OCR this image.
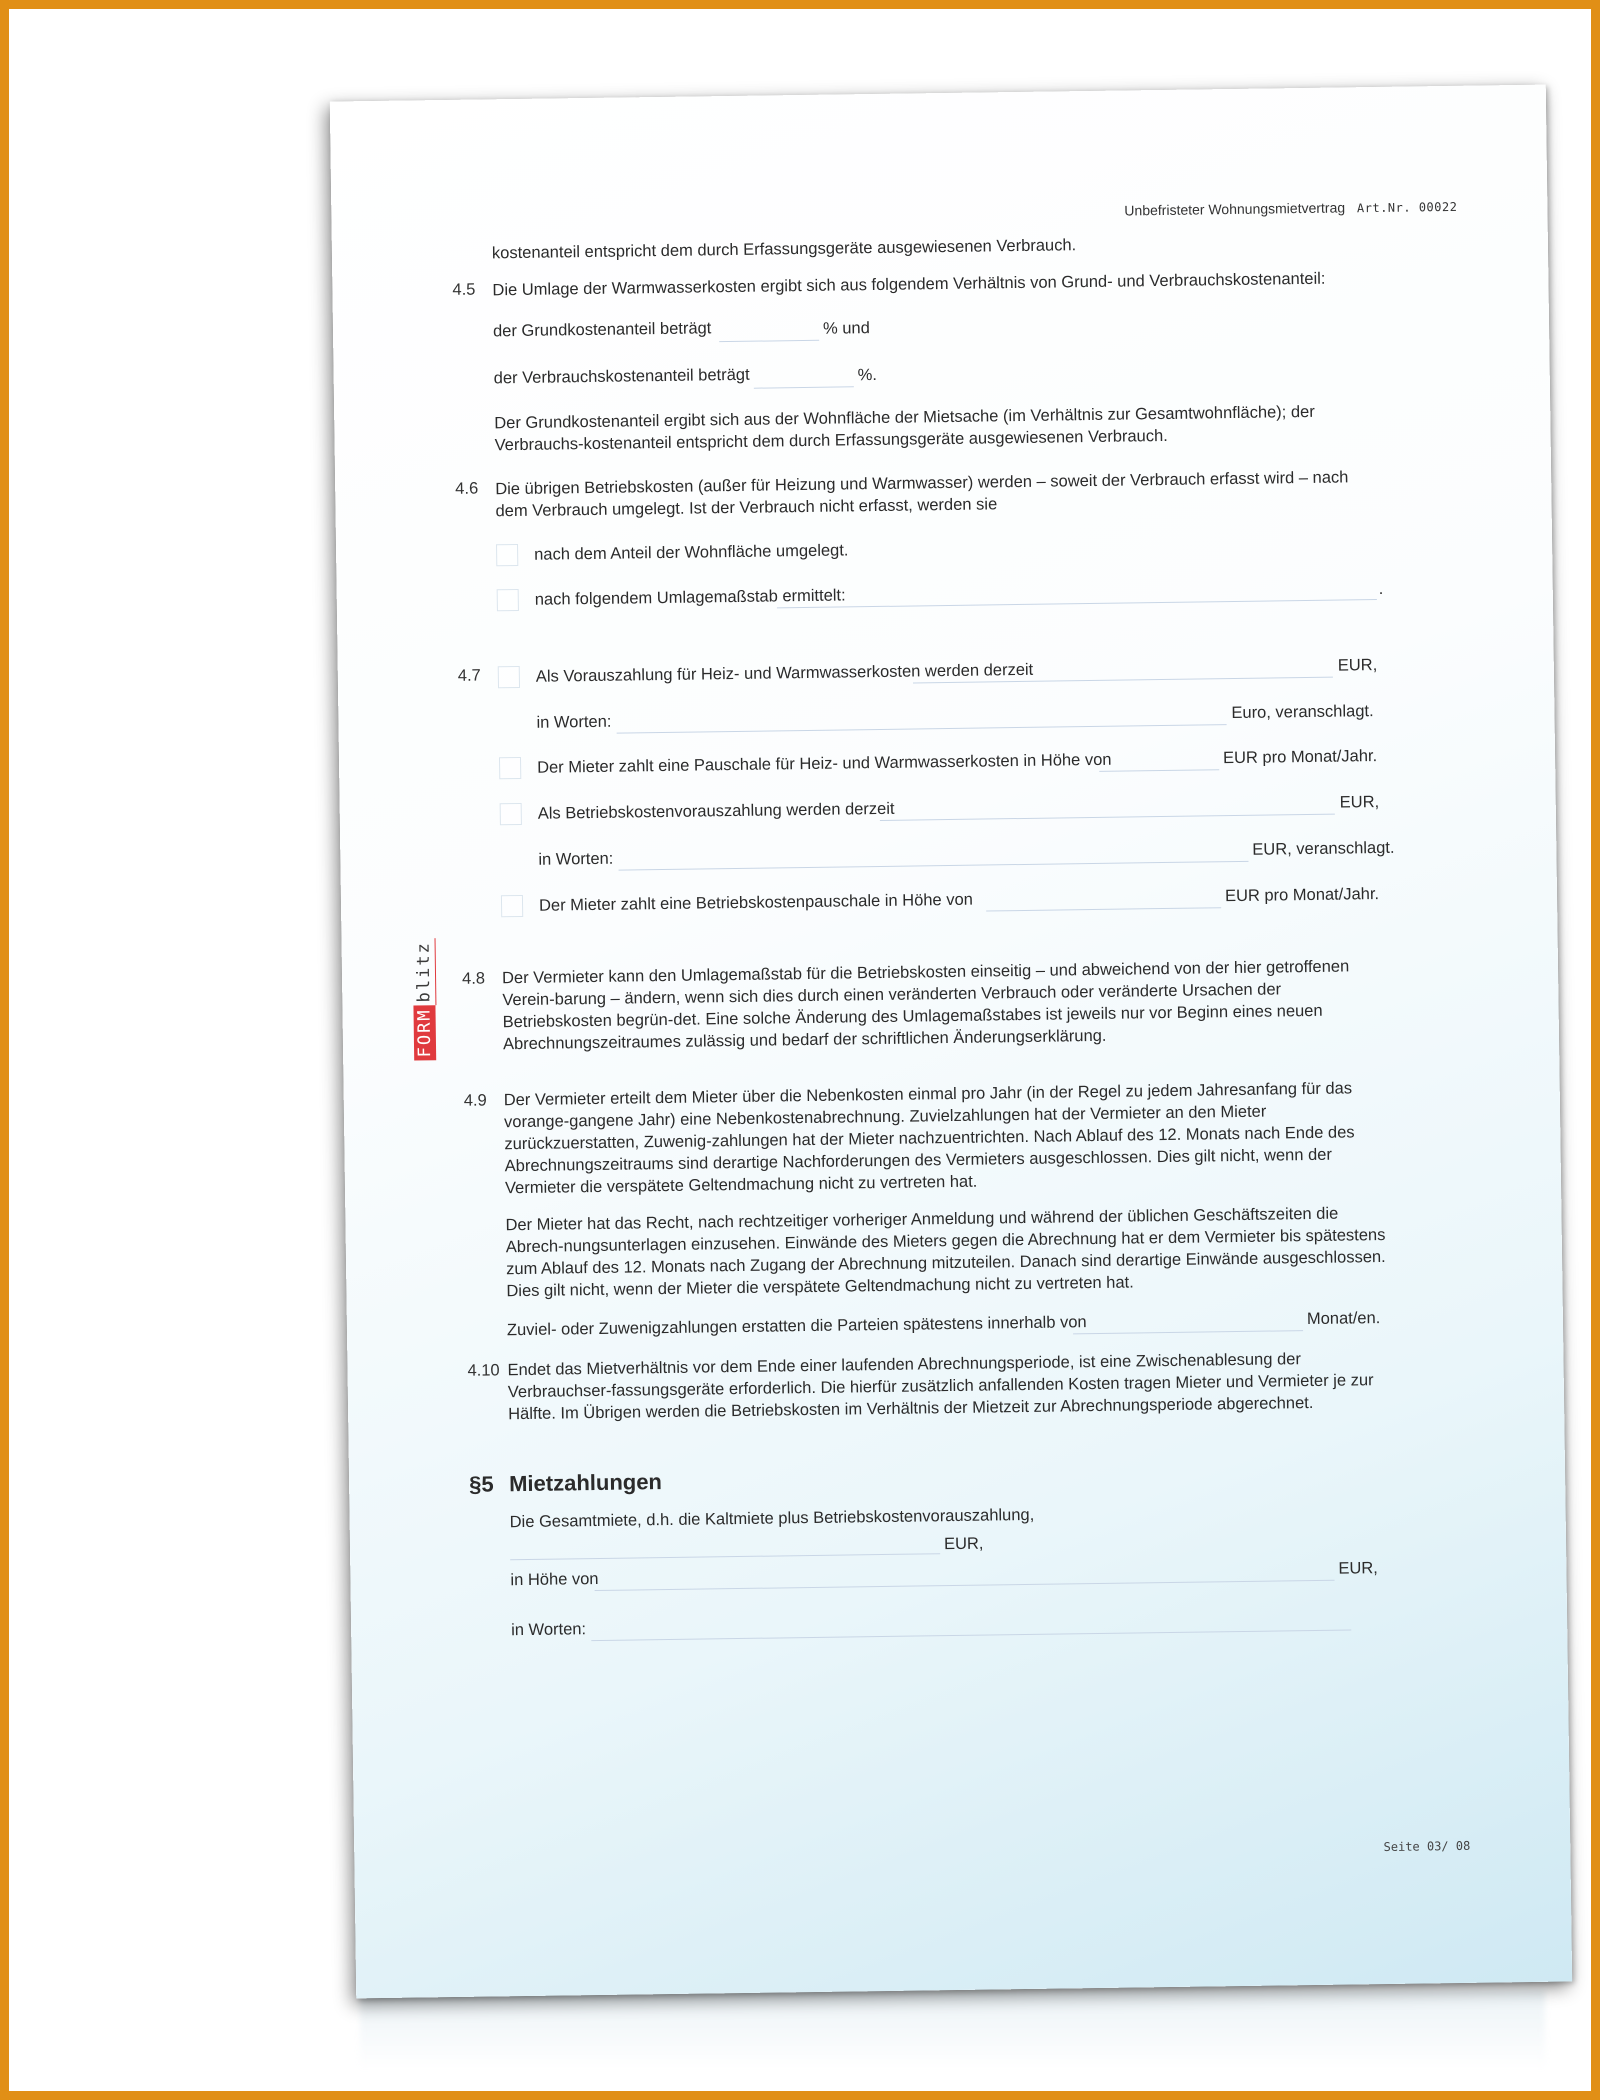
Unbefristeter Wohnungsmietvertrag Art.Nr. 00022
FORMblitz
kostenanteil entspricht dem durch Erfassungsgeräte ausgewiesenen Verbrauch.
4.5 Die Umlage der Warmwasserkosten ergibt sich aus folgendem Verhältnis von Grund- und Verbrauchskostenanteil:
der Grundkostenanteil beträgt	% und
der Verbrauchskostenanteil beträgt	%.
Der Grundkostenanteil ergibt sich aus der Wohnfläche der Mietsache (im Verhältnis zur Gesamtwohnfläche); der Verbrauchs-kostenanteil entspricht dem durch Erfassungsgeräte ausgewiesenen Verbrauch.
4.6 Die übrigen Betriebskosten (außer für Heizung und Warmwasser) werden – soweit der Verbrauch erfasst wird – nach dem Verbrauch umgelegt. Ist der Verbrauch nicht erfasst, werden sie
nach dem Anteil der Wohnfläche umgelegt.
nach folgendem Umlagemaßstab ermittelt:	.
4.7	Als Vorauszahlung für Heiz- und Warmwasserkosten werden derzeit	EUR,
in Worten:
Euro, veranschlagt.
Der Mieter zahlt eine Pauschale für Heiz- und Warmwasserkosten in Höhe von	EUR pro Monat/Jahr.
Als Betriebskostenvorauszahlung werden derzeit	EUR,
in Worten:
EUR, veranschlagt.
Der Mieter zahlt eine Betriebskostenpauschale in Höhe von	EUR pro Monat/Jahr.
4.8 Der Vermieter kann den Umlagemaßstab für die Betriebskosten einseitig – und abweichend von der hier getroffenen Verein-barung – ändern, wenn sich dies durch einen veränderten Verbrauch oder veränderte Ursachen der Betriebskosten begrün-det. Eine solche Änderung des Umlagemaßstabes ist jeweils nur vor Beginn eines neuen Abrechnungszeitraumes zulässig und bedarf der schriftlichen Änderungserklärung.
4.9 Der Vermieter erteilt dem Mieter über die Nebenkosten einmal pro Jahr (in der Regel zu jedem Jahresanfang für das vorange-gangene Jahr) eine Nebenkostenabrechnung. Zuvielzahlungen hat der Vermieter an den Mieter zurückzuerstatten, Zuwenig-zahlungen hat der Mieter nachzuentrichten. Nach Ablauf des 12. Monats nach Ende des Abrechnungszeitraums sind derartige Nachforderungen des Vermieters ausgeschlossen. Dies gilt nicht, wenn der Vermieter die verspätete Geltendmachung nicht zu vertreten hat.
Der Mieter hat das Recht, nach rechtzeitiger vorheriger Anmeldung und während der üblichen Geschäftszeiten die Abrech-nungsunterlagen einzusehen. Einwände des Mieters gegen die Abrechnung hat er dem Vermieter bis spätestens zum Ablauf des 12. Monats nach Zugang der Abrechnung mitzuteilen. Danach sind derartige Einwände ausgeschlossen. Dies gilt nicht, wenn der Mieter die verspätete Geltendmachung nicht zu vertreten hat.
Zuviel- oder Zuwenigzahlungen erstatten die Parteien spätestens innerhalb von	Monat/en.
4.10 Endet das Mietverhältnis vor dem Ende einer laufenden Abrechnungsperiode, ist eine Zwischenablesung der Verbrauchser-fassungsgeräte erforderlich. Die hierfür zusätzlich anfallenden Kosten tragen Mieter und Vermieter je zur Hälfte. Im Übrigen werden die Betriebskosten im Verhältnis der Mietzeit zur Abrechnungsperiode abgerechnet.
§5 Mietzahlungen
Die Gesamtmiete, d.h. die Kaltmiete plus Betriebskostenvorauszahlung,
EUR,
in Höhe von
EUR,
in Worten:
Seite 03/ 08
